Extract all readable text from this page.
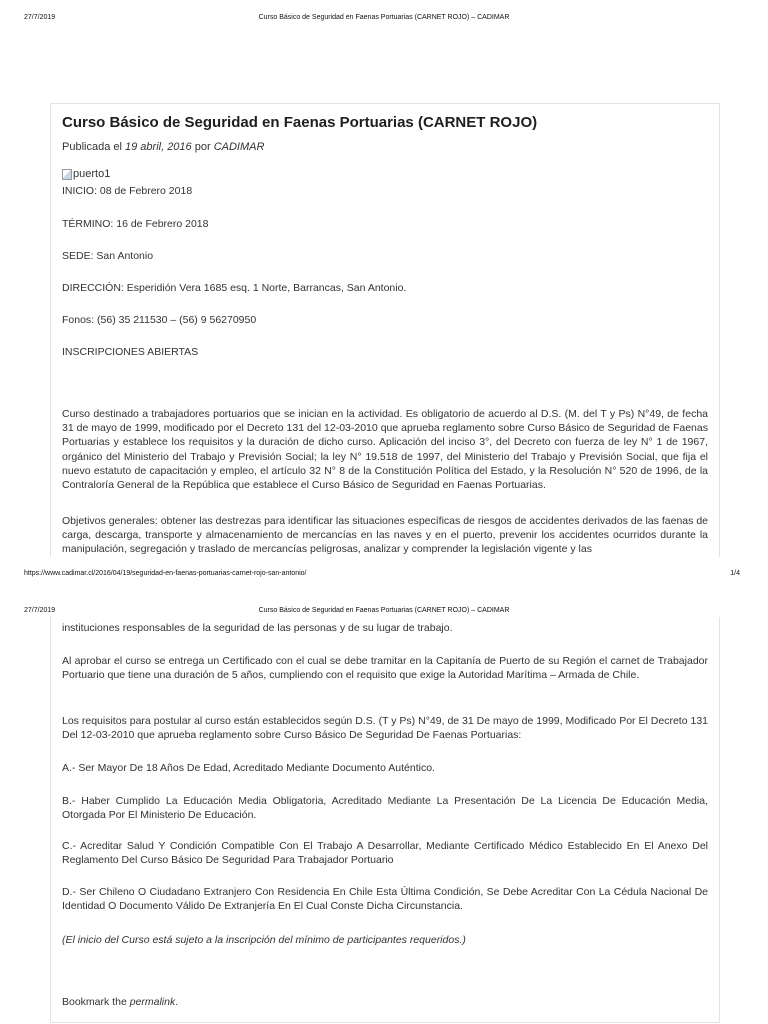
27/7/2019	Curso Básico de Seguridad en Faenas Portuarias (CARNET ROJO) – CADIMAR
Curso Básico de Seguridad en Faenas Portuarias (CARNET ROJO)
Publicada el 19 abril, 2016 por CADIMAR
puerto1

INICIO: 08 de Febrero 2018

TÉRMINO: 16 de Febrero 2018

SEDE: San Antonio

DIRECCIÓN: Esperidión Vera 1685 esq. 1 Norte, Barrancas, San Antonio.

Fonos: (56) 35 211530 – (56) 9 56270950

INSCRIPCIONES ABIERTAS

Curso destinado a trabajadores portuarios que se inician en la actividad. Es obligatorio de acuerdo al D.S. (M. del T y Ps) N°49, de fecha 31 de mayo de 1999, modificado por el Decreto 131 del 12-03-2010 que aprueba reglamento sobre Curso Básico de Seguridad de Faenas Portuarias y establece los requisitos y la duración de dicho curso. Aplicación del inciso 3°, del Decreto con fuerza de ley N° 1 de 1967, orgánico del Ministerio del Trabajo y Previsión Social; la ley N° 19.518 de 1997, del Ministerio del Trabajo y Previsión Social, que fija el nuevo estatuto de capacitación y empleo, el artículo 32 N° 8 de la Constitución Política del Estado, y la Resolución N° 520 de 1996, de la Contraloría General de la República que establece el Curso Básico de Seguridad en Faenas Portuarias.

Objetivos generales: obtener las destrezas para identificar las situaciones específicas de riesgos de accidentes derivados de las faenas de carga, descarga, transporte y almacenamiento de mercancías en las naves y en el puerto, prevenir los accidentes ocurridos durante la manipulación, segregación y traslado de mercancías peligrosas, analizar y comprender la legislación vigente y las

https://www.cadimar.cl/2016/04/19/seguridad-en-faenas-portuarias-carnet-rojo-san-antonio/	1/4
27/7/2019	Curso Básico de Seguridad en Faenas Portuarias (CARNET ROJO) – CADIMAR

instituciones responsables de la seguridad de las personas y de su lugar de trabajo.

Al aprobar el curso se entrega un Certificado con el cual se debe tramitar en la Capitanía de Puerto de su Región el carnet de Trabajador Portuario que tiene una duración de 5 años, cumpliendo con el requisito que exige la Autoridad Marítima – Armada de Chile.

Los requisitos para postular al curso están establecidos según D.S. (T y Ps) N°49, de 31 De mayo de 1999, Modificado Por El Decreto 131 Del 12-03-2010 que aprueba reglamento sobre Curso Básico De Seguridad De Faenas Portuarias:

A.- Ser Mayor De 18 Años De Edad, Acreditado Mediante Documento Auténtico.

B.- Haber Cumplido La Educación Media Obligatoria, Acreditado Mediante La Presentación De La Licencia De Educación Media, Otorgada Por El Ministerio De Educación.

C.- Acreditar Salud Y Condición Compatible Con El Trabajo A Desarrollar, Mediante Certificado Médico Establecido En El Anexo Del Reglamento Del Curso Básico De Seguridad Para Trabajador Portuario

D.- Ser Chileno O Ciudadano Extranjero Con Residencia En Chile Esta Última Condición, Se Debe Acreditar Con La Cédula Nacional De Identidad O Documento Válido De Extranjería En El Cual Conste Dicha Circunstancia.

(El inicio del Curso está sujeto a la inscripción del mínimo de participantes requeridos.)

Bookmark the permalink.
